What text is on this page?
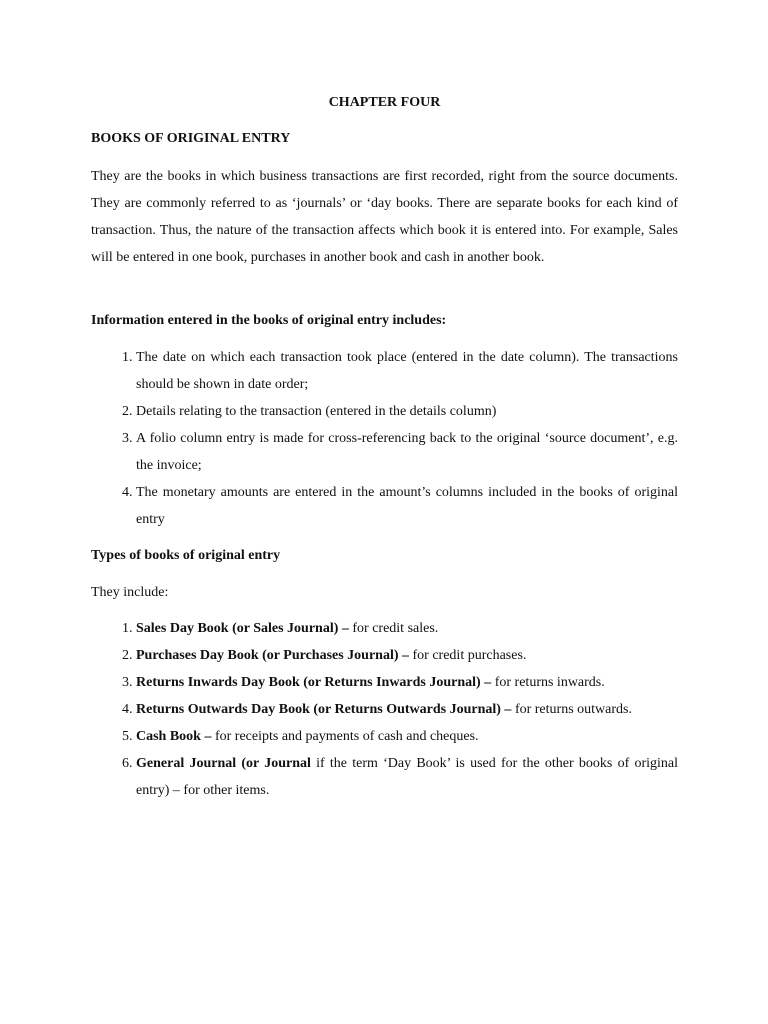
CHAPTER FOUR
BOOKS OF ORIGINAL ENTRY

They are the books in which business transactions are first recorded, right from the source documents. They are commonly referred to as ‘journals’ or ‘day books. There are separate books for each kind of transaction. Thus, the nature of the transaction affects which book it is entered into. For example, Sales will be entered in one book, purchases in another book and cash in another book.

Information entered in the books of original entry includes:
1. The date on which each transaction took place (entered in the date column). The transactions should be shown in date order;
2. Details relating to the transaction (entered in the details column)
3. A folio column entry is made for cross-referencing back to the original ‘source document’, e.g. the invoice;
4. The monetary amounts are entered in the amount’s columns included in the books of original entry
Types of books of original entry

They include:

1. Sales Day Book (or Sales Journal) – for credit sales.
2. Purchases Day Book (or Purchases Journal) – for credit purchases.
3. Returns Inwards Day Book (or Returns Inwards Journal) – for returns inwards.
4. Returns Outwards Day Book (or Returns Outwards Journal) – for returns outwards.
5. Cash Book – for receipts and payments of cash and cheques.
6. General Journal (or Journal if the term ‘Day Book’ is used for the other books of original entry) – for other items.
